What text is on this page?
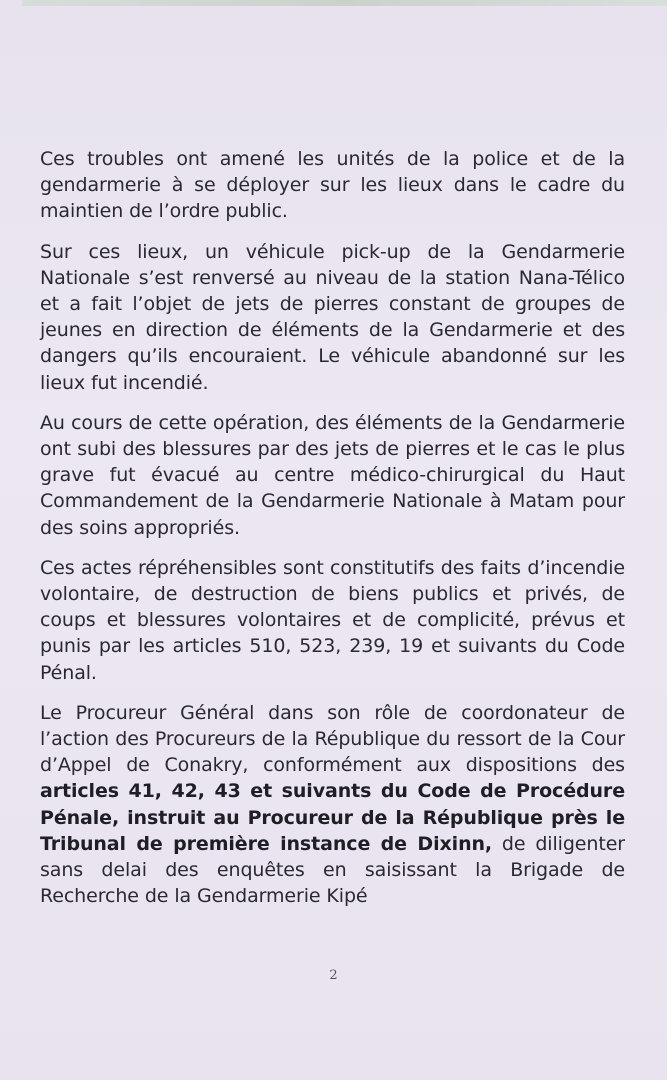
Ces troubles ont amené les unités de la police et de la gendarmerie à se déployer sur les lieux dans le cadre du maintien de l’ordre public.

Sur ces lieux, un véhicule pick-up de la Gendarmerie Nationale s’est renversé au niveau de la station Nana-Télico et a fait l’objet de jets de pierres constant de groupes de jeunes en direction de éléments de la Gendarmerie et des dangers qu’ils encouraient. Le véhicule abandonné sur les lieux fut incendié.

Au cours de cette opération, des éléments de la Gendarmerie ont subi des blessures par des jets de pierres et le cas le plus grave fut évacué au centre médico-chirurgical du Haut Commandement de la Gendarmerie Nationale à Matam pour des soins appropriés.

Ces actes répréhensibles sont constitutifs des faits d’incendie volontaire, de destruction de biens publics et privés, de coups et blessures volontaires et de complicité, prévus et punis par les articles 510, 523, 239, 19 et suivants du Code Pénal.

Le Procureur Général dans son rôle de coordonateur de l’action des Procureurs de la République du ressort de la Cour d’Appel de Conakry, conformément aux dispositions des articles 41, 42, 43 et suivants du Code de Procédure Pénale, instruit au Procureur de la République près le Tribunal de première instance de Dixinn, de diligenter sans delai des enquêtes en saisissant la Brigade de Recherche de la Gendarmerie Kipé

2
